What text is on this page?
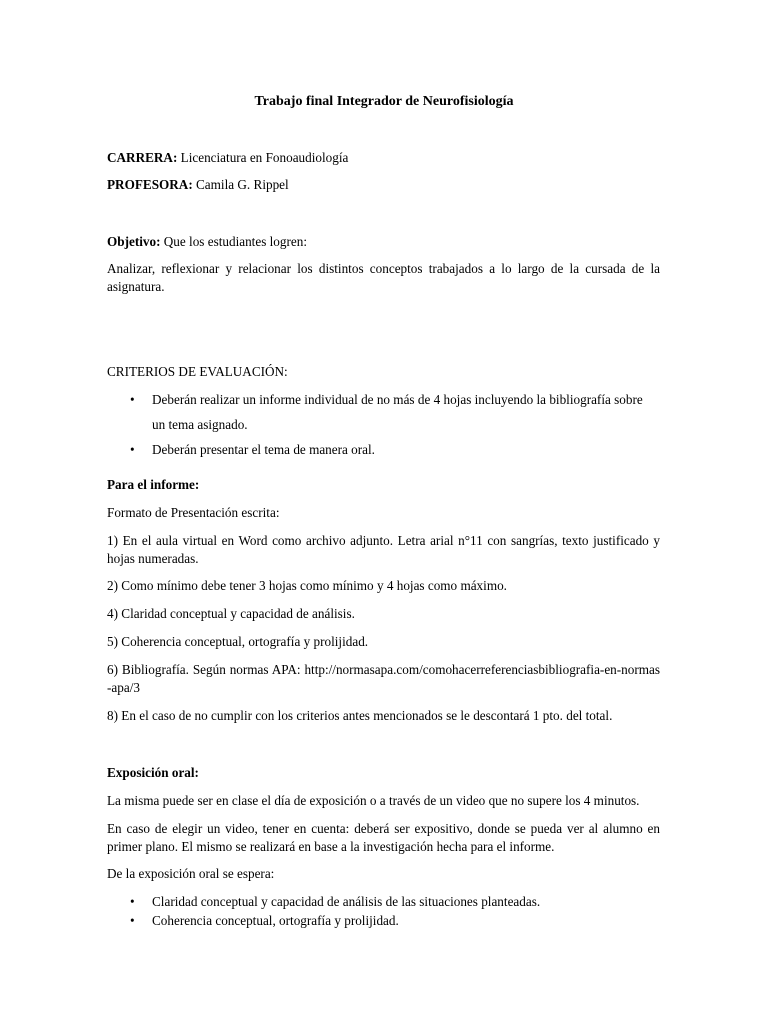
Trabajo final Integrador de Neurofisiología
CARRERA: Licenciatura en Fonoaudiología
PROFESORA: Camila G. Rippel
Objetivo: Que los estudiantes logren:
Analizar, reflexionar y relacionar los distintos conceptos trabajados a lo largo de la cursada de la asignatura.
CRITERIOS DE EVALUACIÓN:
• Deberán realizar un informe individual de no más de 4 hojas incluyendo la bibliografía sobre
un tema asignado.
• Deberán presentar el tema de manera oral.
Para el informe:
Formato de Presentación escrita:
1) En el aula virtual en Word como archivo adjunto. Letra arial n°11 con sangrías, texto justificado y hojas numeradas.
2) Como mínimo debe tener 3 hojas como mínimo y 4 hojas como máximo.
4) Claridad conceptual y capacidad de análisis.
5) Coherencia conceptual, ortografía y prolijidad.
6) Bibliografía. Según normas APA: http://normasapa.com/comohacerreferenciasbibliografia-en-normas-apa/3
8) En el caso de no cumplir con los criterios antes mencionados se le descontará 1 pto. del total.
Exposición oral:
La misma puede ser en clase el día de exposición o a través de un video que no supere los 4 minutos.
En caso de elegir un video, tener en cuenta: deberá ser expositivo, donde se pueda ver al alumno en primer plano. El mismo se realizará en base a la investigación hecha para el informe.
De la exposición oral se espera:
• Claridad conceptual y capacidad de análisis de las situaciones planteadas.
• Coherencia conceptual, ortografía y prolijidad.
